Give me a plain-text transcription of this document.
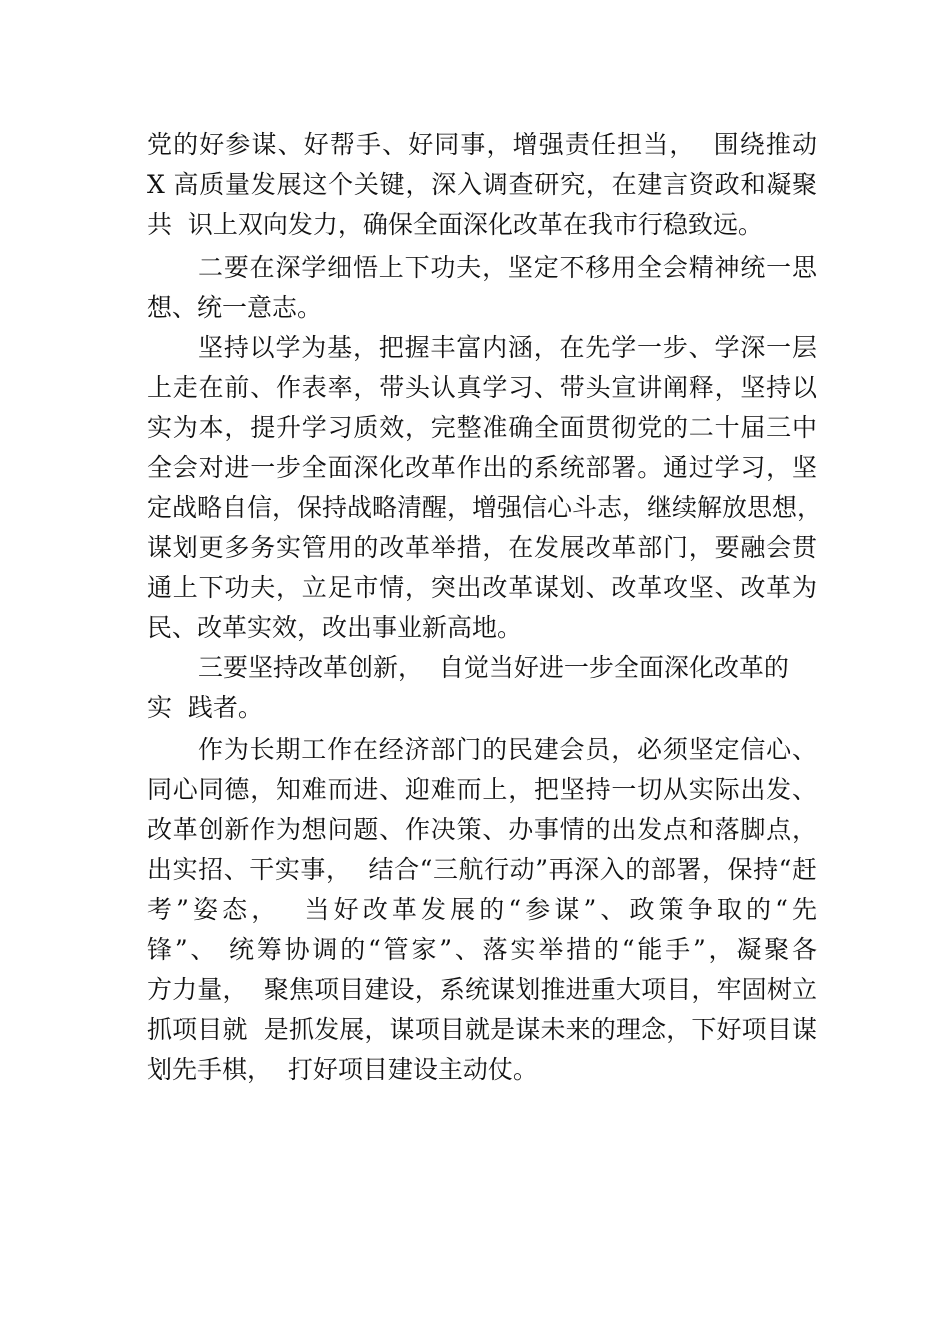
党的好参谋、好帮手、好同事，增强责任担当，  围绕推动
X 高质量发展这个关键，深入调查研究，在建言资政和凝聚
共  识上双向发力，确保全面深化改革在我市行稳致远。
二要在深学细悟上下功夫，坚定不移用全会精神统一思
想、统一意志。
坚持以学为基，把握丰富内涵，在先学一步、学深一层
上走在前、作表率，带头认真学习、带头宣讲阐释，坚持以
实为本，提升学习质效，完整准确全面贯彻党的二十届三中
全会对进一步全面深化改革作出的系统部署。通过学习，坚
定战略自信，保持战略清醒，增强信心斗志，继续解放思想，
谋划更多务实管用的改革举措，在发展改革部门，要融会贯
通上下功夫，立足市情，突出改革谋划、改革攻坚、改革为
民、改革实效，改出事业新高地。
三要坚持改革创新，  自觉当好进一步全面深化改革的
实  践者。
作为长期工作在经济部门的民建会员，必须坚定信心、
同心同德，知难而进、迎难而上，把坚持一切从实际出发、
改革创新作为想问题、作决策、办事情的出发点和落脚点，
出实招、干实事，  结合“三航行动”再深入的部署，保持“赶
考”姿态，  当好改革发展的“参谋”、政策争取的“先
锋”、 统筹协调的“管家”、落实举措的“能手”，凝聚各
方力量，  聚焦项目建设，系统谋划推进重大项目，牢固树立
抓项目就  是抓发展，谋项目就是谋未来的理念，下好项目谋
划先手棋，  打好项目建设主动仗。
